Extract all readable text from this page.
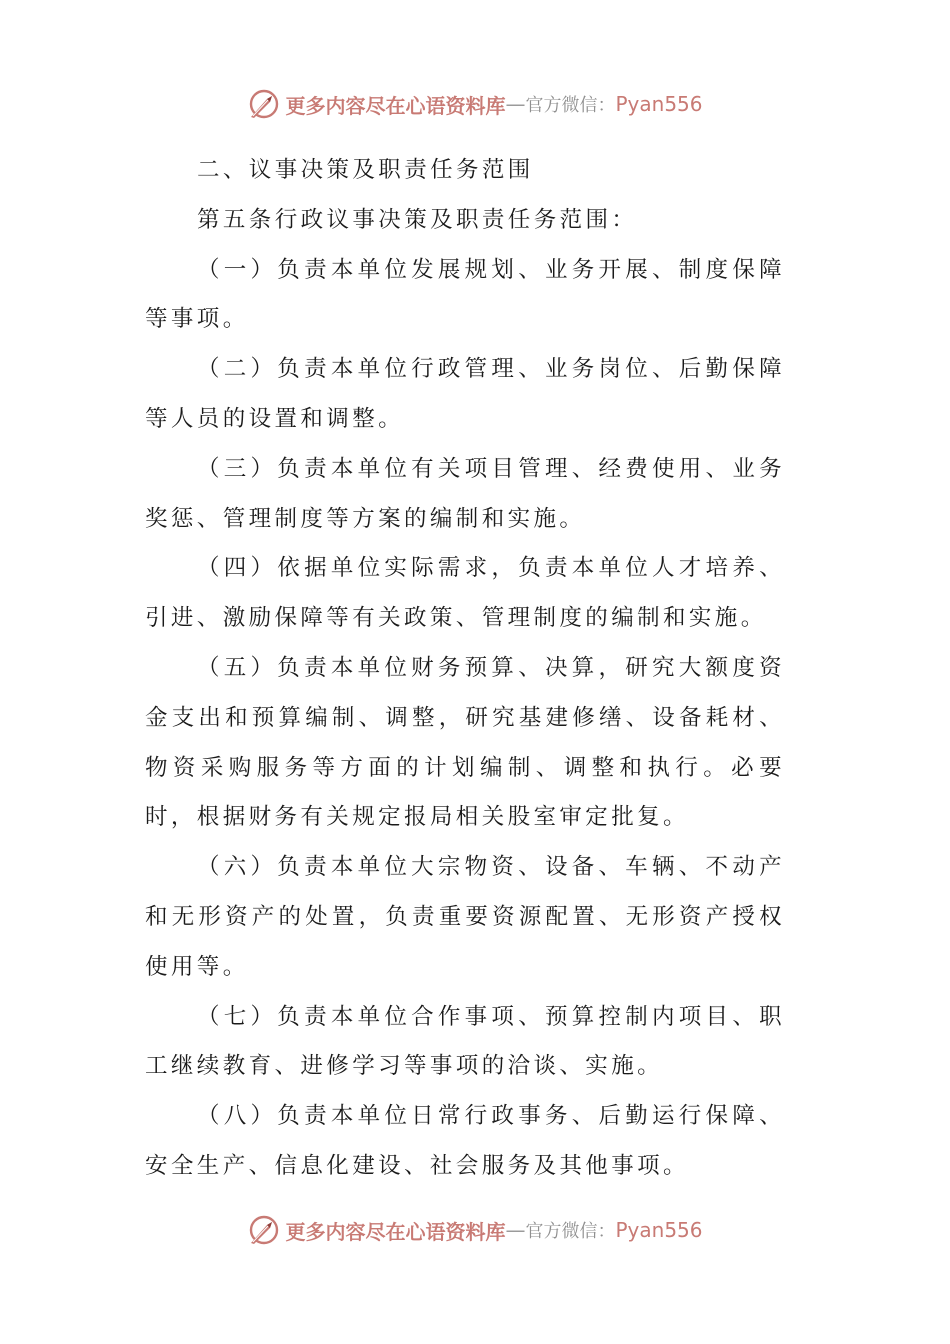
更多内容尽在心语资料库 — 官方微信： Pyan556

二、议事决策及职责任务范围

第五条行政议事决策及职责任务范围：

（一）负责本单位发展规划、业务开展、制度保障等事项。

（二）负责本单位行政管理、业务岗位、后勤保障等人员的设置和调整。

（三）负责本单位有关项目管理、经费使用、业务奖惩、管理制度等方案的编制和实施。

（四）依据单位实际需求，负责本单位人才培养、引进、激励保障等有关政策、管理制度的编制和实施。

（五）负责本单位财务预算、决算，研究大额度资金支出和预算编制、调整，研究基建修缮、设备耗材、物资采购服务等方面的计划编制、调整和执行。必要时，根据财务有关规定报局相关股室审定批复。

（六）负责本单位大宗物资、设备、车辆、不动产和无形资产的处置，负责重要资源配置、无形资产授权使用等。

（七）负责本单位合作事项、预算控制内项目、职工继续教育、进修学习等事项的洽谈、实施。

（八）负责本单位日常行政事务、后勤运行保障、安全生产、信息化建设、社会服务及其他事项。

更多内容尽在心语资料库 — 官方微信： Pyan556
